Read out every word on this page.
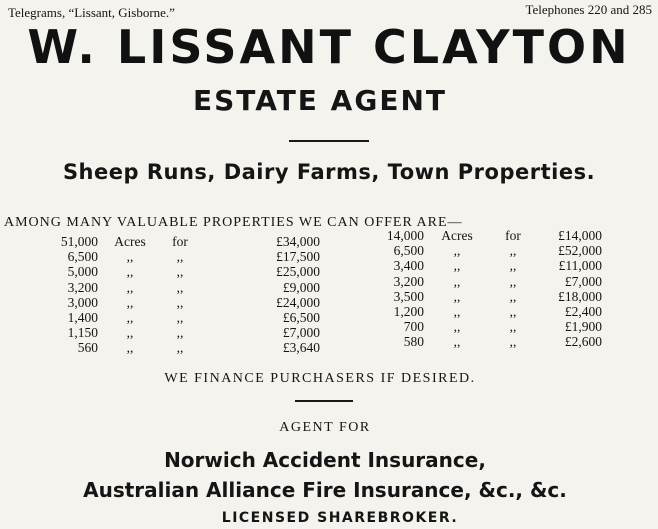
Telegrams, “Lissant, Gisborne.”	Telephones 220 and 285
W. LISSANT CLAYTON
ESTATE AGENT
Sheep Runs, Dairy Farms, Town Properties.
AMONG MANY VALUABLE PROPERTIES WE CAN OFFER ARE—
51,000	Acres	for	£34,000
6,500	,,	,,	£17,500
5,000	,,	,,	£25,000
3,200	,,	,,	£9,000
3,000	,,	,,	£24,000
1,400	,,	,,	£6,500
1,150	,,	,,	£7,000
560	,,	,,	£3,640
14,000	Acres	for	£14,000
6,500	,,	,,	£52,000
3,400	,,	,,	£11,000
3,200	,,	,,	£7,000
3,500	,,	,,	£18,000
1,200	,,	,,	£2,400
700	,,	,,	£1,900
580	,,	,,	£2,600
WE FINANCE PURCHASERS IF DESIRED.
AGENT FOR
Norwich Accident Insurance,
Australian Alliance Fire Insurance, &c., &c.
LICENSED SHAREBROKER.
